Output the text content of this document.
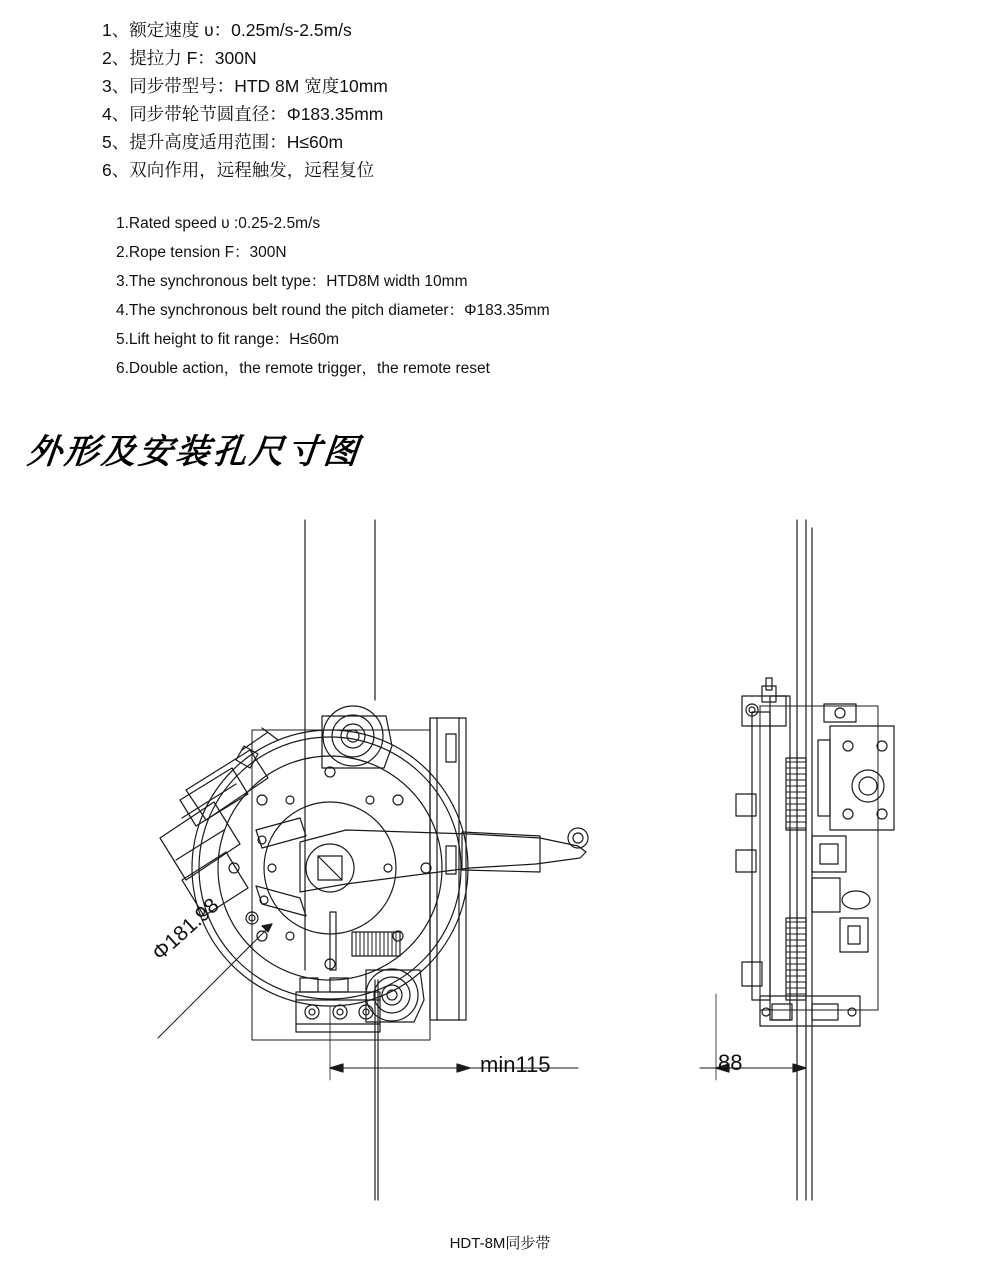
1、额定速度 υ：0.25m/s-2.5m/s
2、提拉力 F：300N
3、同步带型号：HTD 8M 宽度10mm
4、同步带轮节圆直径：Φ183.35mm
5、提升高度适用范围：H≤60m
6、双向作用，远程触发，远程复位
1.Rated speed υ :0.25-2.5m/s
2.Rope tension F：300N
3.The synchronous belt type：HTD8M width 10mm
4.The synchronous belt round the pitch diameter：Φ183.35mm
5.Lift height to fit range：H≤60m
6.Double action，the remote trigger，the remote reset
外形及安装孔尺寸图
Φ181.98
min115	88
HDT-8M同步带
